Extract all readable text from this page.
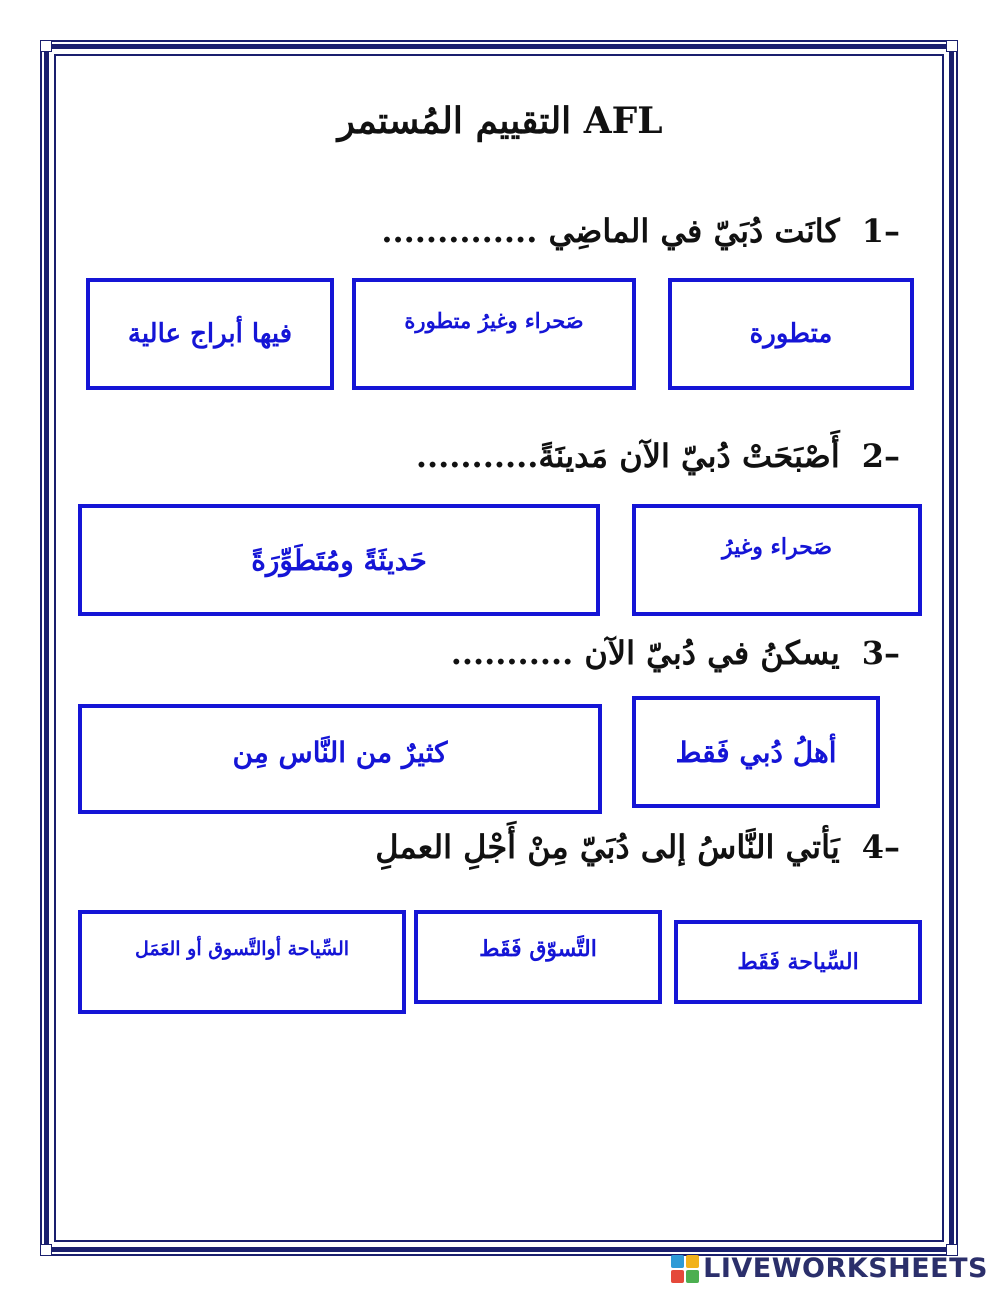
التقييم المُستمر AFL
1–كانَت دُبَيّ في الماضِي ..............
فيها أبراج عالية	صَحراء وغيرُ متطورة	متطورة
2–أَصْبَحَتْ دُبيّ الآن مَدينَةً...........
حَديثَةً ومُتَطَوِّرَةً	صَحراء وغيرُ
3–يسكنُ في دُبيّ الآن ...........
كثيرٌ من النَّاس مِن	أهلُ دُبي فَقط
4–يَأتي النَّاسُ إلى دُبَيّ مِنْ أَجْلِ العملِ
السِّياحة أوالتَّسوق أو العَمَل	التَّسوّق فَقَط	السِّياحة فَقَط
LIVEWORKSHEETS
